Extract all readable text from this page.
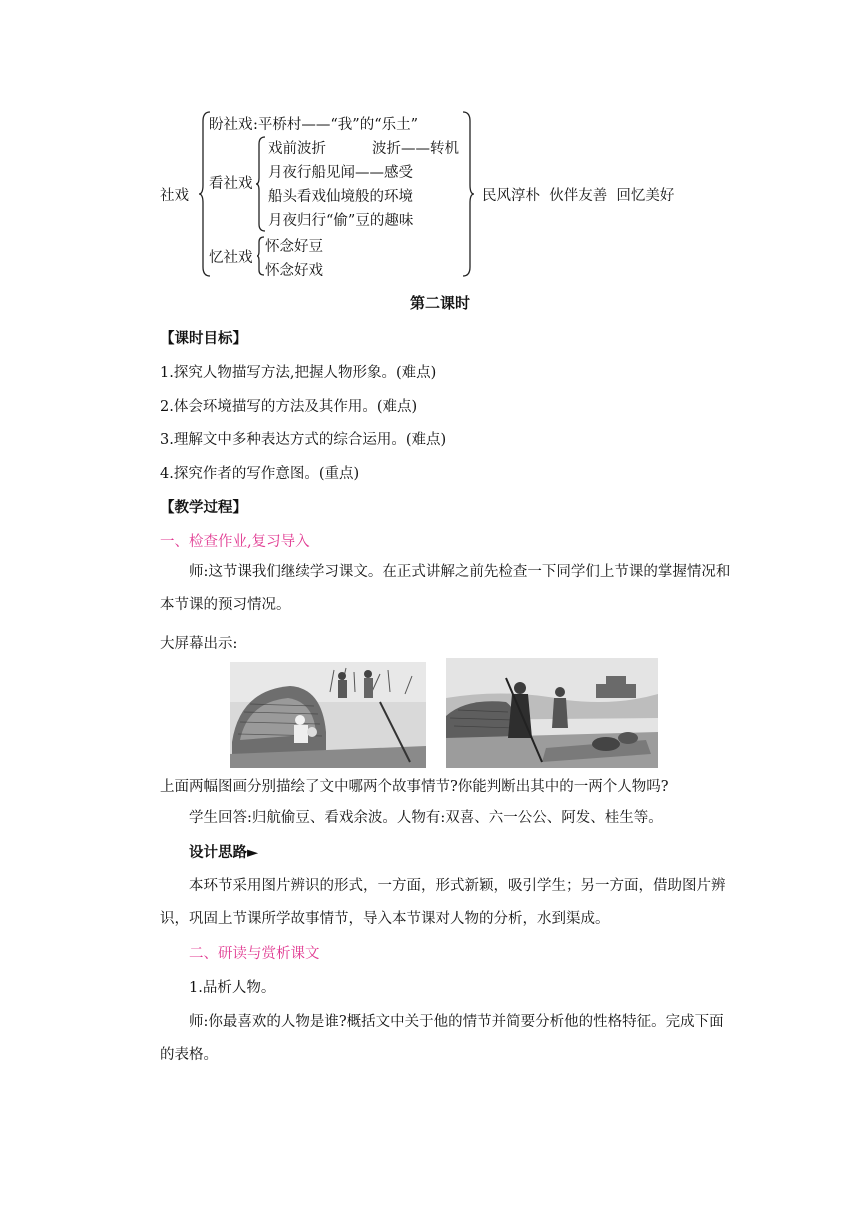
社戏
盼社戏 :平桥村——“我”的“乐土”
看社戏
戏前波折	波折——转机
月夜行船见闻——感受
船头看戏仙境般的环境
月夜归行“偷”豆的趣味
忆社戏
怀念好豆
怀念好戏
民风淳朴  伙伴友善  回忆美好
第二课时
【课时目标】
1.探究人物描写方法,把握人物形象。(难点)
2.体会环境描写的方法及其作用。(难点)
3.理解文中多种表达方式的综合运用。(难点)
4.探究作者的写作意图。(重点)
【教学过程】
一、检查作业,复习导入
师:这节课我们继续学习课文。在正式讲解之前先检查一下同学们上节课的掌握情况和本节课的预习情况。
大屏幕出示:
上面两幅图画分别描绘了文中哪两个故事情节?你能判断出其中的一两个人物吗?
学生回答:归航偷豆、看戏余波。人物有:双喜、六一公公、阿发、桂生等。
设计思路►
本环节采用图片辨识的形式，一方面，形式新颖，吸引学生；另一方面，借助图片辨识，巩固上节课所学故事情节，导入本节课对人物的分析，水到渠成。
二、研读与赏析课文
1.品析人物。
师:你最喜欢的人物是谁?概括文中关于他的情节并简要分析他的性格特征。完成下面的表格。
